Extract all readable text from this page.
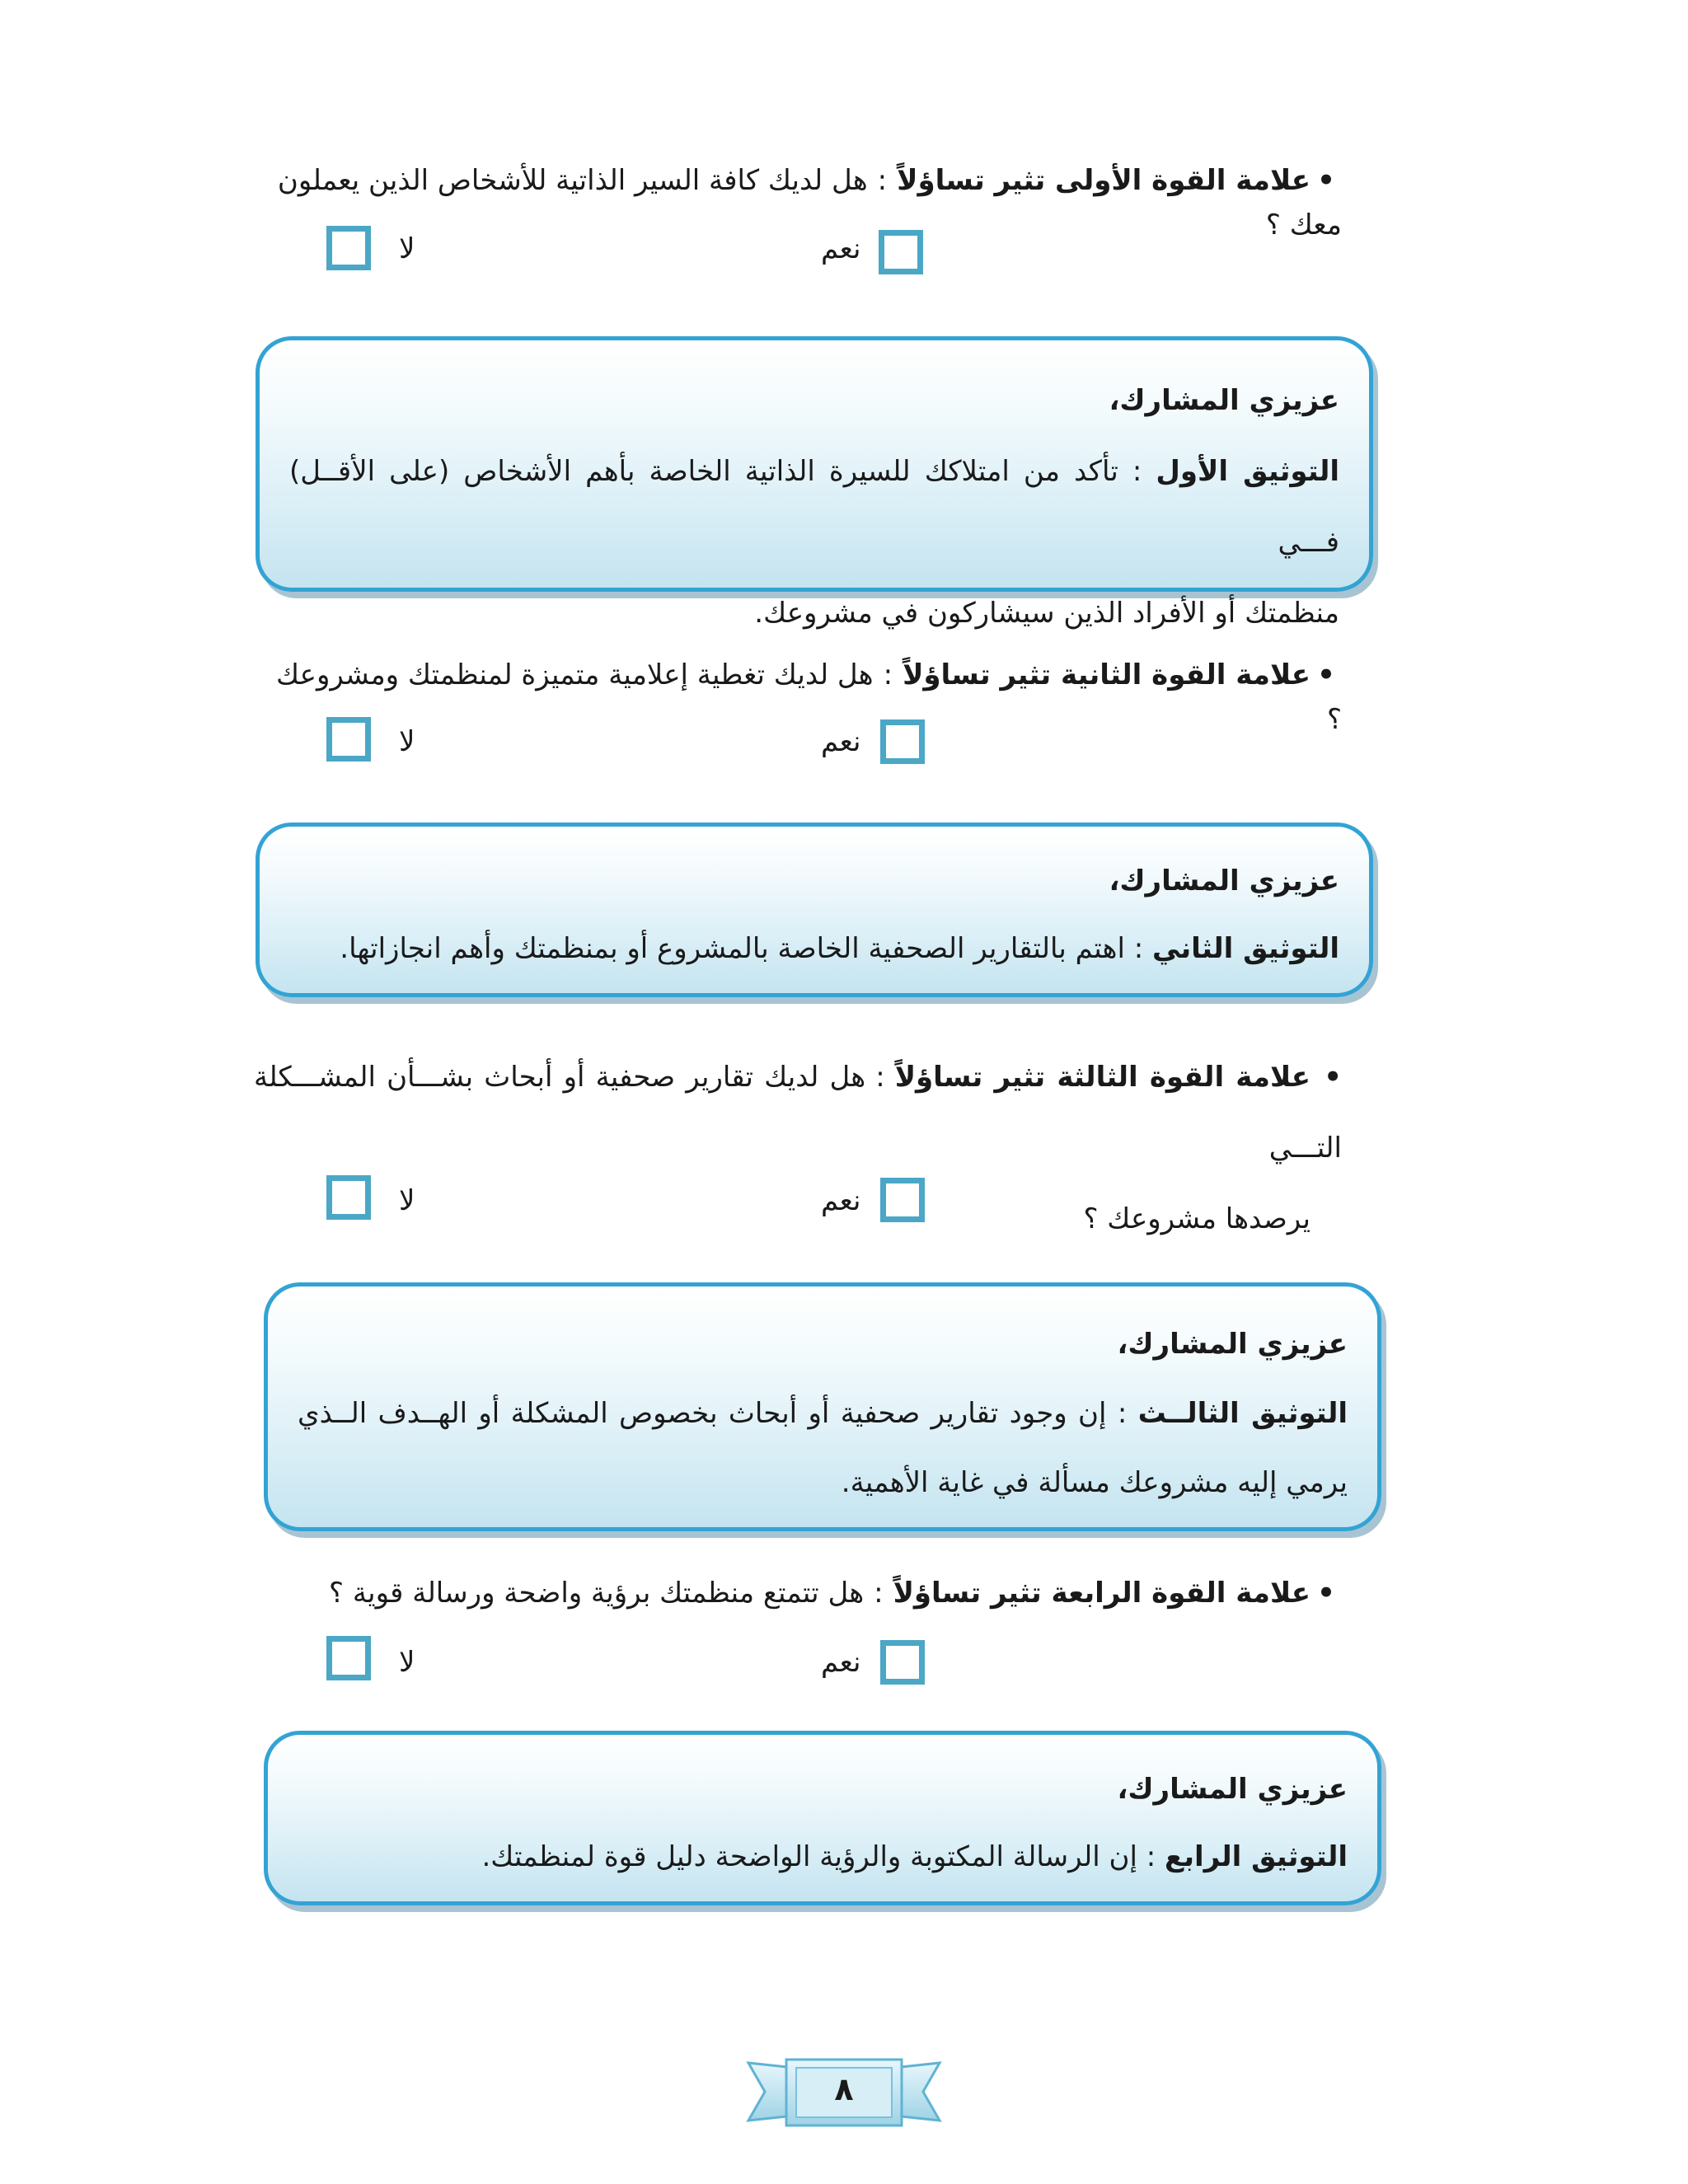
•علامة القوة الأولى تثير تساؤلاً:هل لديك كافة السير الذاتية للأشخاص الذين يعملون معك ؟
نعم
لا
عزيزي المشارك،
التوثيق الأول : تأكد من امتلاكك للسيرة الذاتية الخاصة بأهم الأشخاص (على الأقــل) فـــي
منظمتك أو الأفراد الذين سيشاركون في مشروعك.
•علامة القوة الثانية تثير تساؤلاً:هل لديك تغطية إعلامية متميزة لمنظمتك ومشروعك ؟
نعم
لا
عزيزي المشارك،
التوثيق الثاني : اهتم بالتقارير الصحفية الخاصة بالمشروع أو بمنظمتك وأهم انجازاتها.
•علامة القوة الثالثة تثير تساؤلاً:هل لديك تقارير صحفية أو أبحاث بشـــأن المشـــكلة التـــي
يرصدها مشروعك ؟
نعم
لا
عزيزي المشارك،
التوثيق الثالــث : إن وجود تقارير صحفية أو أبحاث بخصوص المشكلة أو الهــدف الــذي
يرمي إليه مشروعك مسألة في غاية الأهمية.
•علامة القوة الرابعة تثير تساؤلاً:هل تتمتع منظمتك برؤية واضحة ورسالة قوية ؟
نعم
لا
عزيزي المشارك،
التوثيق الرابع : إن الرسالة المكتوبة والرؤية الواضحة دليل قوة لمنظمتك.
٨
